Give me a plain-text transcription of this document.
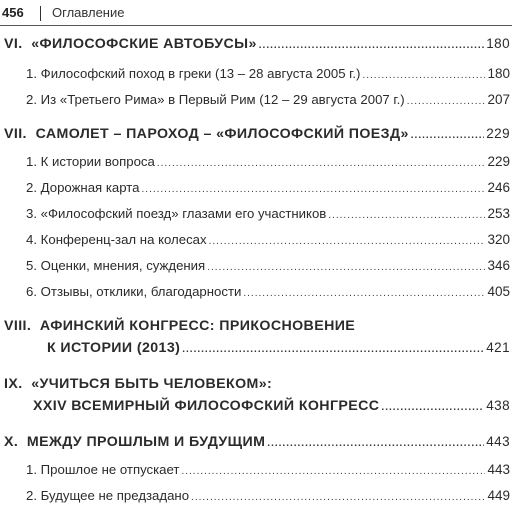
456 Оглавление
VI. «ФИЛОСОФСКИЕ АВТОБУСЫ» .....	180
1. Философский поход в греки (13 – 28 августа 2005 г.) .....	180
2. Из «Третьего Рима» в Первый Рим (12 – 29 августа 2007 г.) .....	207
VII. САМОЛЕТ – ПАРОХОД – «ФИЛОСОФСКИЙ ПОЕЗД» .....	229
1. К истории вопроса .....	229
2. Дорожная карта .....	246
3. «Философский поезд» глазами его участников .....	253
4. Конференц-зал на колесах .....	320
5. Оценки, мнения, суждения .....	346
6. Отзывы, отклики, благодарности .....	405
VIII. АФИНСКИЙ КОНГРЕСС: ПРИКОСНОВЕНИЕ
К ИСТОРИИ (2013) .....	421
IX. «УЧИТЬСЯ БЫТЬ ЧЕЛОВЕКОМ»:
XXIV ВСЕМИРНЫЙ ФИЛОСОФСКИЙ КОНГРЕСС .....	438
X. МЕЖДУ ПРОШЛЫМ И БУДУЩИМ .....	443
1. Прошлое не отпускает .....	443
2. Будущее не предзадано .....	449
